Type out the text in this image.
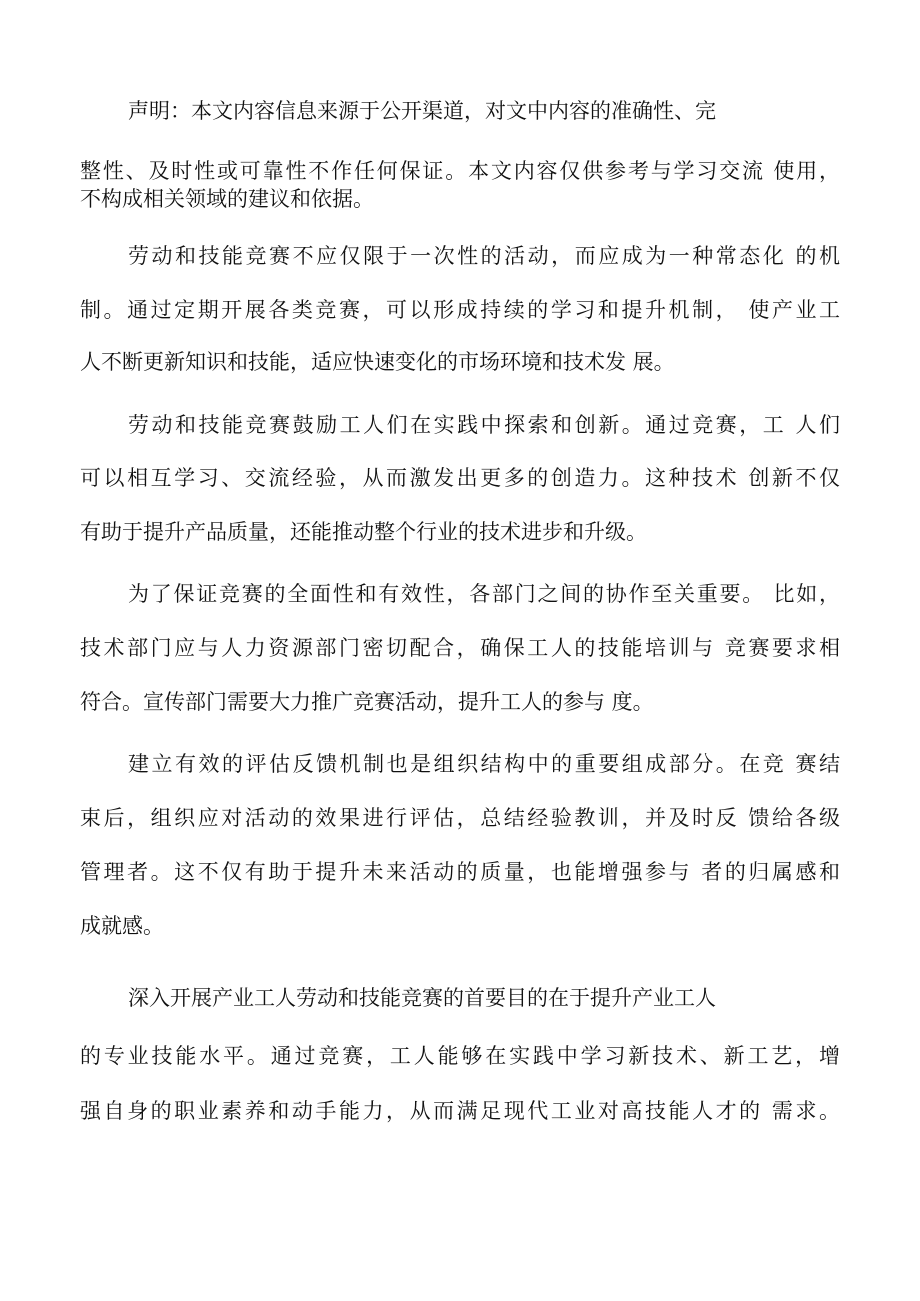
声明：本文内容信息来源于公开渠道，对文中内容的准确性、完
整性、及时性或可靠性不作任何保证。本文内容仅供参考与学习交流 使用，
不构成相关领域的建议和依据。
劳动和技能竞赛不应仅限于一次性的活动，而应成为一种常态化 的机
制。通过定期开展各类竞赛，可以形成持续的学习和提升机制， 使产业工
人不断更新知识和技能，适应快速变化的市场环境和技术发 展。
劳动和技能竞赛鼓励工人们在实践中探索和创新。通过竞赛，工 人们
可以相互学习、交流经验，从而激发出更多的创造力。这种技术 创新不仅
有助于提升产品质量，还能推动整个行业的技术进步和升级。
为了保证竞赛的全面性和有效性，各部门之间的协作至关重要。 比如，
技术部门应与人力资源部门密切配合，确保工人的技能培训与 竞赛要求相
符合。宣传部门需要大力推广竞赛活动，提升工人的参与 度。
建立有效的评估反馈机制也是组织结构中的重要组成部分。在竞 赛结
束后，组织应对活动的效果进行评估，总结经验教训，并及时反 馈给各级
管理者。这不仅有助于提升未来活动的质量，也能增强参与 者的归属感和
成就感。
深入开展产业工人劳动和技能竞赛的首要目的在于提升产业工人
的专业技能水平。通过竞赛，工人能够在实践中学习新技术、新工艺，增
强自身的职业素养和动手能力，从而满足现代工业对高技能人才的 需求。
